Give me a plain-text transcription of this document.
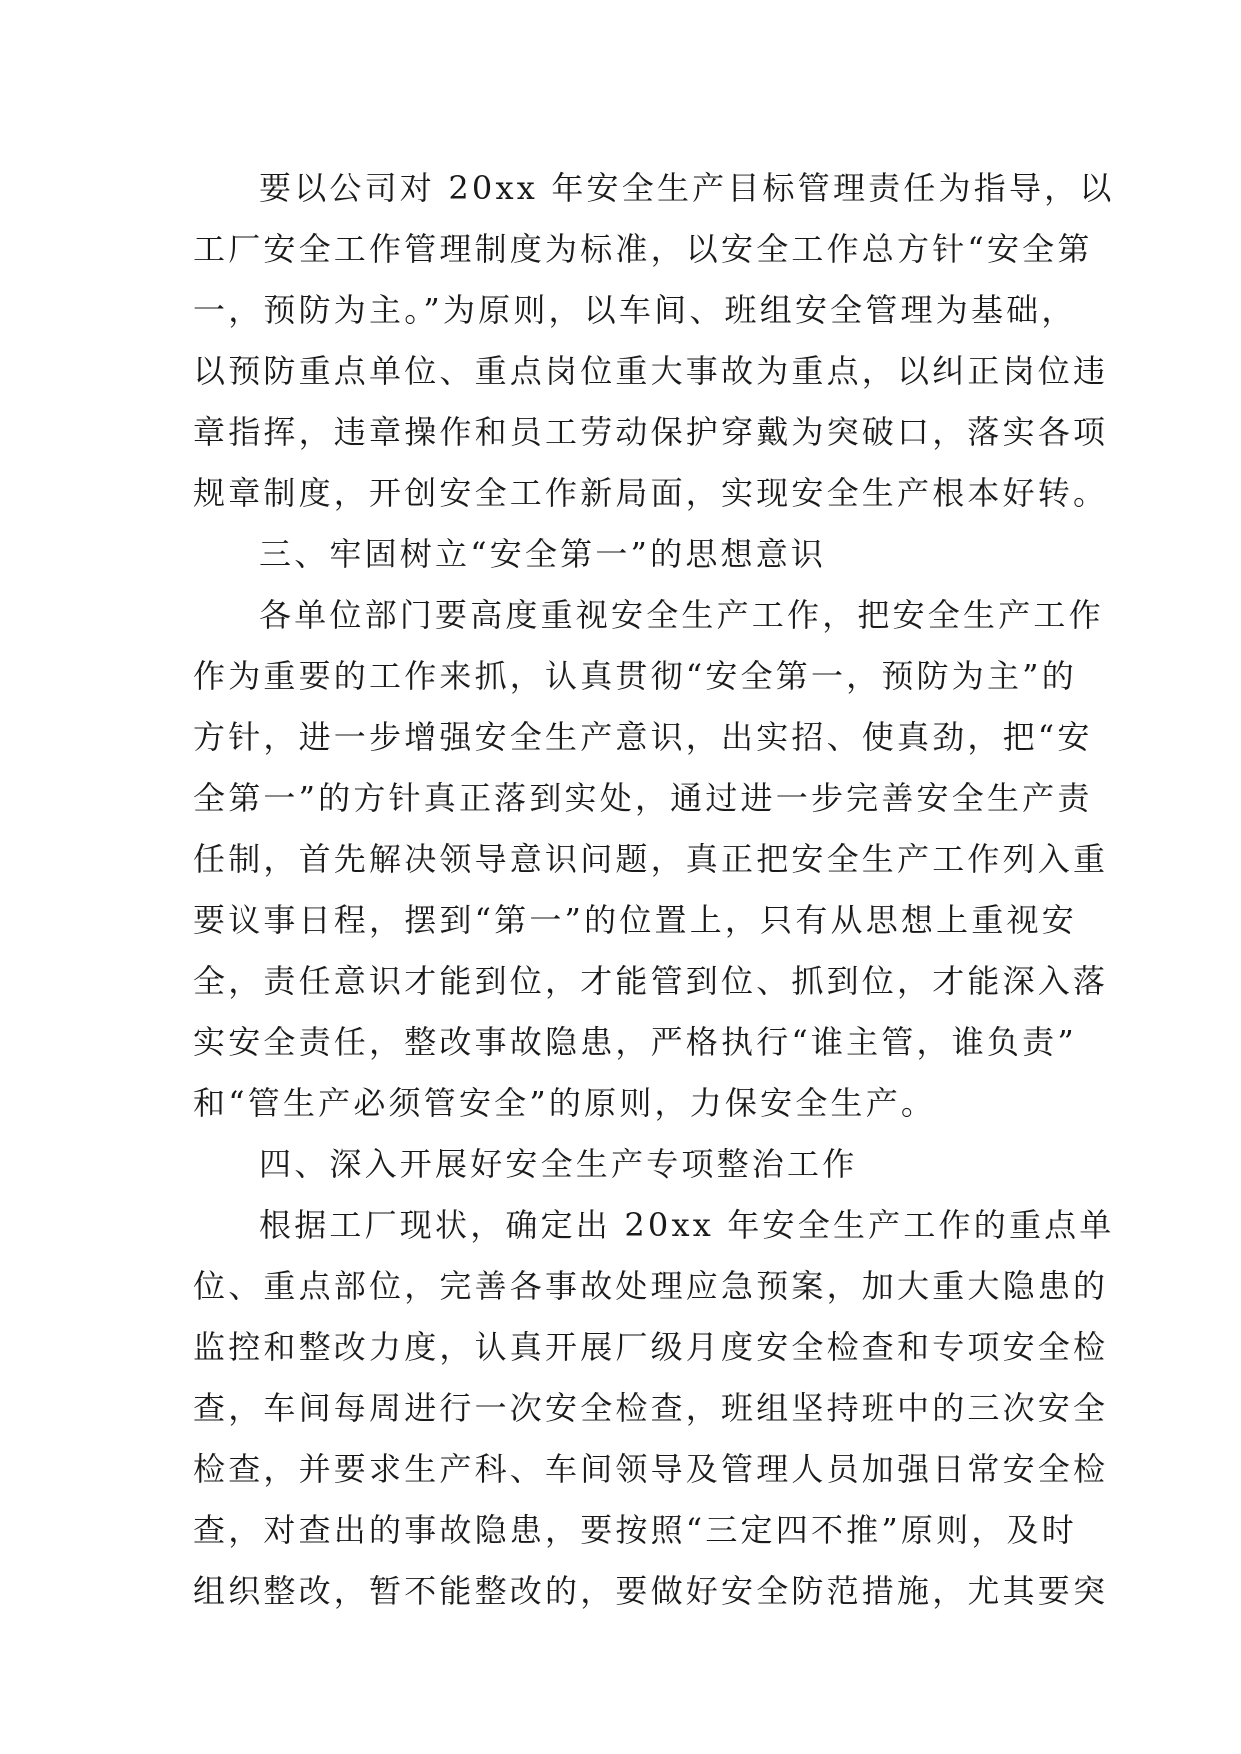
要以公司对 20xx 年安全生产目标管理责任为指导，以
工厂安全工作管理制度为标准，以安全工作总方针“安全第
一，预防为主。”为原则，以车间、班组安全管理为基础，
以预防重点单位、重点岗位重大事故为重点，以纠正岗位违
章指挥，违章操作和员工劳动保护穿戴为突破口，落实各项
规章制度，开创安全工作新局面，实现安全生产根本好转。
三、牢固树立“安全第一”的思想意识
各单位部门要高度重视安全生产工作，把安全生产工作
作为重要的工作来抓，认真贯彻“安全第一，预防为主”的
方针，进一步增强安全生产意识，出实招、使真劲，把“安
全第一”的方针真正落到实处，通过进一步完善安全生产责
任制，首先解决领导意识问题，真正把安全生产工作列入重
要议事日程，摆到“第一”的位置上，只有从思想上重视安
全，责任意识才能到位，才能管到位、抓到位，才能深入落
实安全责任，整改事故隐患，严格执行“谁主管，谁负责”
和“管生产必须管安全”的原则，力保安全生产。
四、深入开展好安全生产专项整治工作
根据工厂现状，确定出 20xx 年安全生产工作的重点单
位、重点部位，完善各事故处理应急预案，加大重大隐患的
监控和整改力度，认真开展厂级月度安全检查和专项安全检
查，车间每周进行一次安全检查，班组坚持班中的三次安全
检查，并要求生产科、车间领导及管理人员加强日常安全检
查，对查出的事故隐患，要按照“三定四不推”原则，及时
组织整改，暂不能整改的，要做好安全防范措施，尤其要突
